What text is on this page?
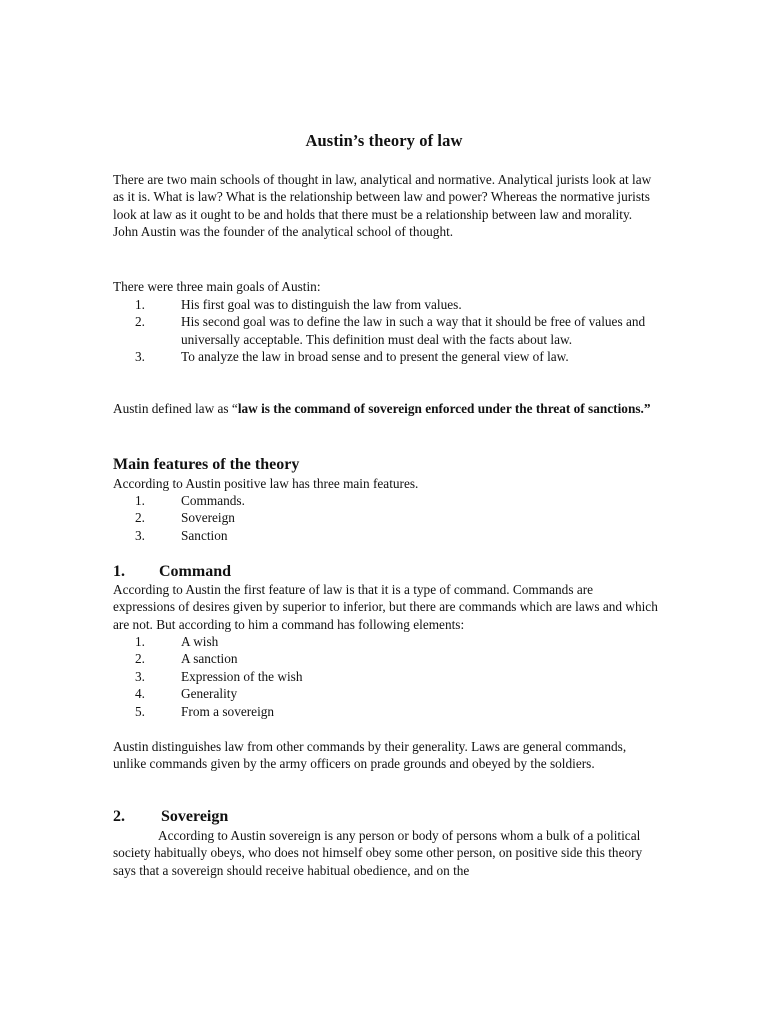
Austin’s theory of law
There are two main schools of thought in law, analytical and normative. Analytical jurists look at law as it is. What is law? What is the relationship between law and power? Whereas the normative jurists look at law as it ought to be and holds that there must be a relationship between law and morality. John Austin was the founder of the analytical school of thought.
There were three main goals of Austin:
1.	His first goal was to distinguish the law from values.
2.	His second goal was to define the law in such a way that it should be free of values and universally acceptable. This definition must deal with the facts about law.
3.	To analyze the law in broad sense and to present the general view of law.
Austin defined law as “law is the command of sovereign enforced under the threat of sanctions.”
Main features of the theory
According to Austin positive law has three main features.
1.	Commands.
2.	Sovereign
3.	Sanction
1. Command
According to Austin the first feature of law is that it is a type of command. Commands are expressions of desires given by superior to inferior, but there are commands which are laws and which are not. But according to him a command has following elements:
1.	A wish
2.	A sanction
3.	Expression of the wish
4.	Generality
5.	From a sovereign
Austin distinguishes law from other commands by their generality. Laws are general commands, unlike commands given by the army officers on prade grounds and obeyed by the soldiers.
2. Sovereign
According to Austin sovereign is any person or body of persons whom a bulk of a political society habitually obeys, who does not himself obey some other person, on positive side this theory says that a sovereign should receive habitual obedience, and on the
